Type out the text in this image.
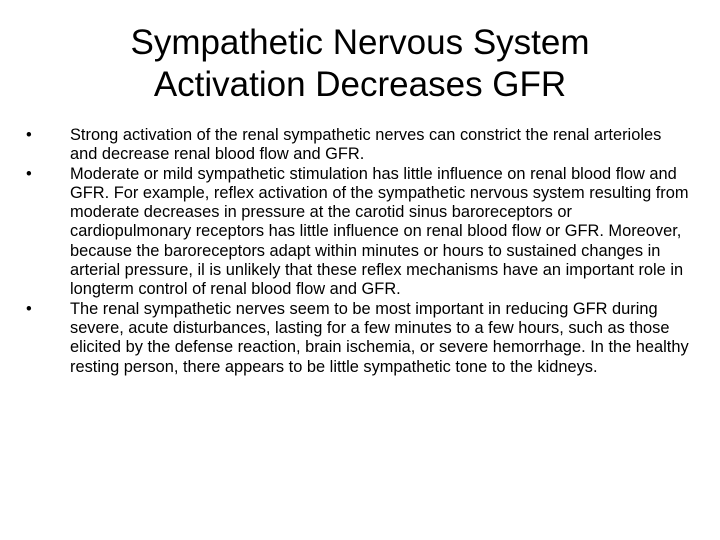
Sympathetic Nervous System
Activation Decreases GFR
•	Strong activation of the renal sympathetic nerves can constrict the renal arterioles and decrease renal blood flow and GFR.
•	Moderate or mild sympathetic stimulation has little influence on renal blood flow and GFR. For example, reflex activation of the sympathetic nervous system resulting from moderate decreases in pressure at the carotid sinus baroreceptors or cardiopulmonary receptors has little influence on renal blood flow or GFR. Moreover, because the baroreceptors adapt within minutes or hours to sustained changes in arterial pressure, il is unlikely that these reflex mechanisms have an important role in longterm control of renal blood flow and GFR.
•	The renal sympathetic nerves seem to be most important in reducing GFR during severe, acute disturbances, lasting for a few minutes to a few hours, such as those elicited by the defense reaction, brain ischemia, or severe hemorrhage. In the healthy resting person, there appears to be little sympathetic tone to the kidneys.
